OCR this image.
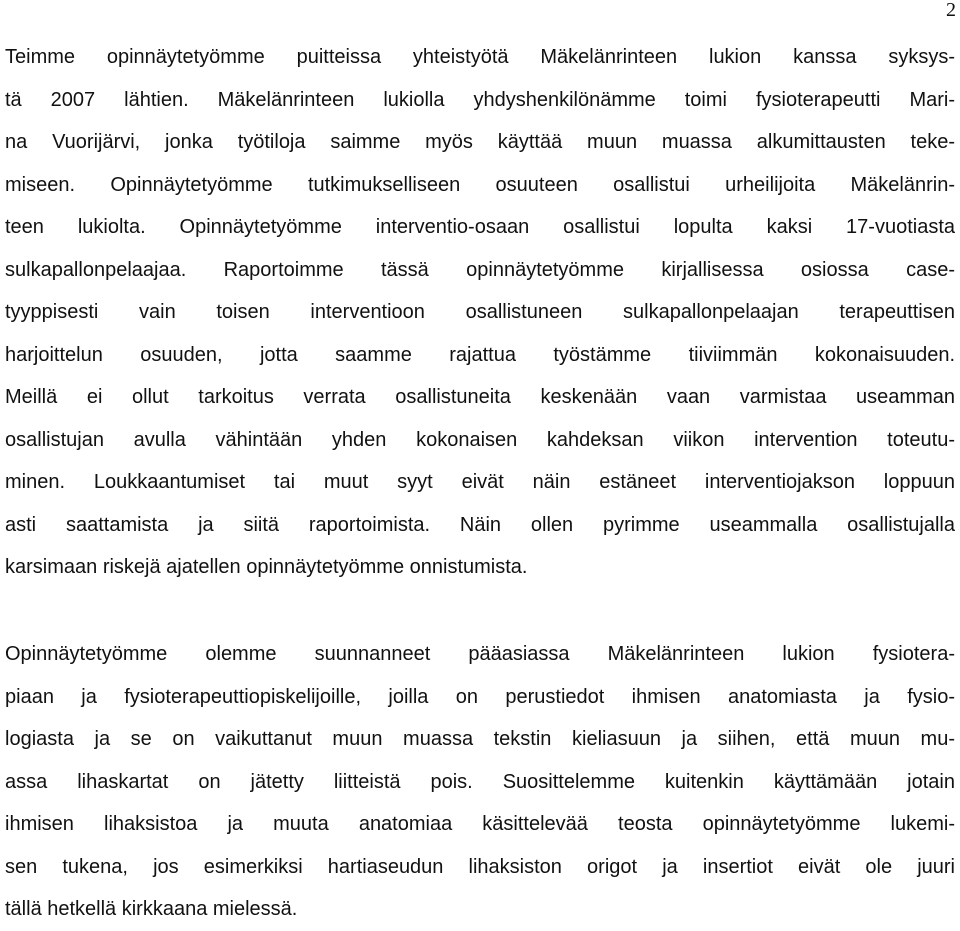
2
Teimme opinnäytetyömme puitteissa yhteistyötä Mäkelänrinteen lukion kanssa syksys-
tä 2007 lähtien. Mäkelänrinteen lukiolla yhdyshenkilönämme toimi fysioterapeutti Mari-
na Vuorijärvi, jonka työtiloja saimme myös käyttää muun muassa alkumittausten teke-
miseen. Opinnäytetyömme tutkimukselliseen osuuteen osallistui urheilijoita Mäkelänrin-
teen lukiolta. Opinnäytetyömme interventio-osaan osallistui lopulta kaksi 17-vuotiasta
sulkapallonpelaajaa. Raportoimme tässä opinnäytetyömme kirjallisessa osiossa case-
tyyppisesti vain toisen interventioon osallistuneen sulkapallonpelaajan terapeuttisen
harjoittelun osuuden, jotta saamme rajattua työstämme tiiviimmän kokonaisuuden.
Meillä ei ollut tarkoitus verrata osallistuneita keskenään vaan varmistaa useamman
osallistujan avulla vähintään yhden kokonaisen kahdeksan viikon intervention toteutu-
minen. Loukkaantumiset tai muut syyt eivät näin estäneet interventiojakson loppuun
asti saattamista ja siitä raportoimista. Näin ollen pyrimme useammalla osallistujalla
karsimaan riskejä ajatellen opinnäytetyömme onnistumista.
Opinnäytetyömme olemme suunnanneet pääasiassa Mäkelänrinteen lukion fysiotera-
piaan ja fysioterapeuttiopiskelijoille, joilla on perustiedot ihmisen anatomiasta ja fysio-
logiasta ja se on vaikuttanut muun muassa tekstin kieliasuun ja siihen, että muun mu-
assa lihaskartat on jätetty liitteistä pois. Suosittelemme kuitenkin käyttämään jotain
ihmisen lihaksistoa ja muuta anatomiaa käsittelevää teosta opinnäytetyömme lukemi-
sen tukena, jos esimerkiksi hartiaseudun lihaksiston origot ja insertiot eivät ole juuri
tällä hetkellä kirkkaana mielessä.
